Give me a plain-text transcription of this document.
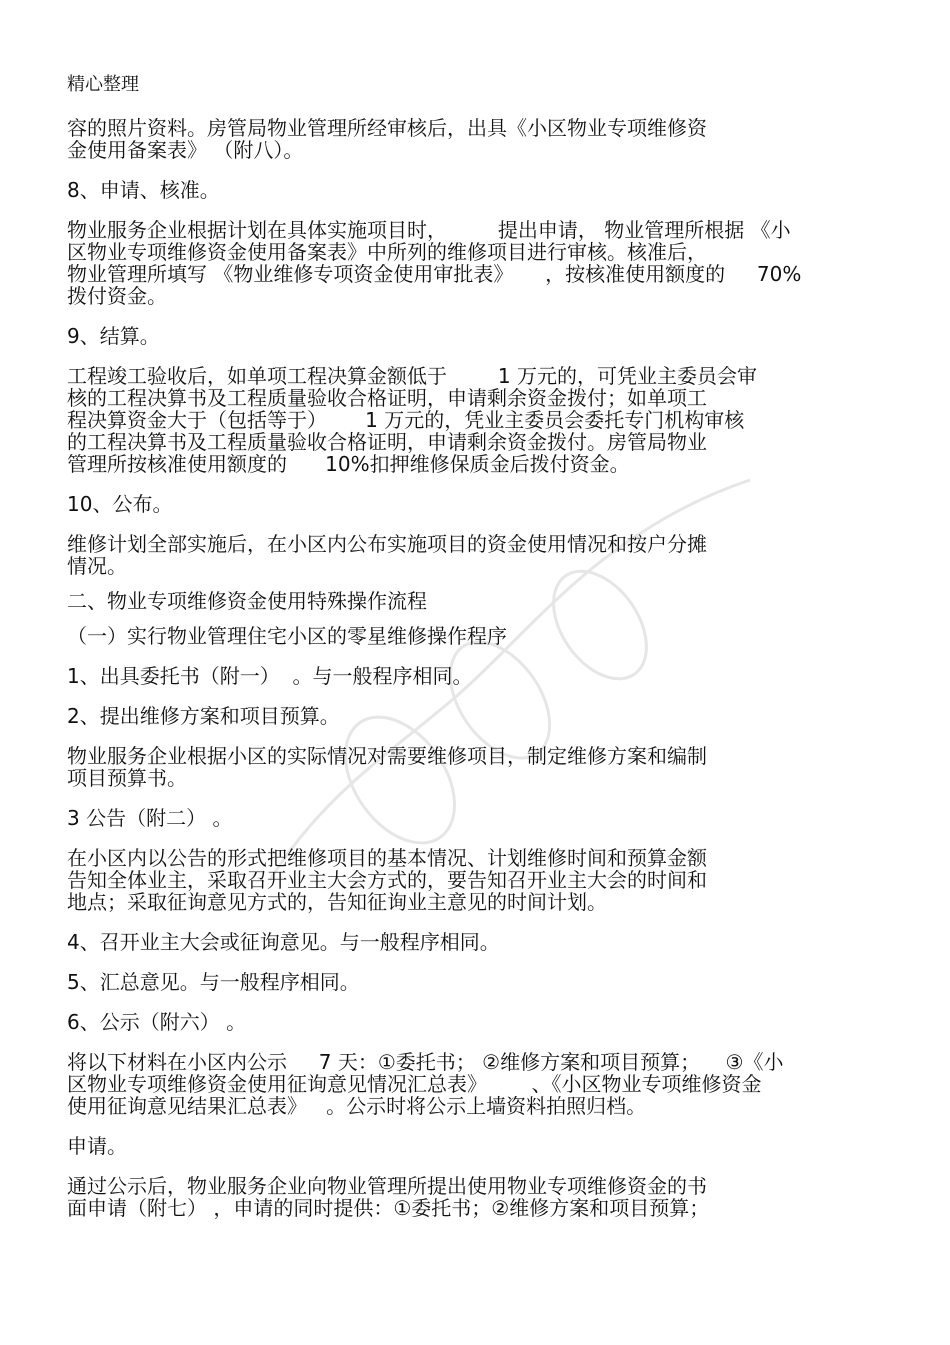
精心整理

容的照片资料。房管局物业管理所经审核后，出具《小区物业专项维修资

金使用备案表》 （附八）。

8、申请、核准。

物业服务企业根据计划在具体实施项目时，        提出申请， 物业管理所根据 《小

区物业专项维修资金使用备案表》中所列的维修项目进行审核。核准后，

物业管理所填写 《物业维修专项资金使用审批表》     ，按核准使用额度的     70%

拨付资金。

9、结算。

工程竣工验收后，如单项工程决算金额低于        1 万元的，可凭业主委员会审

核的工程决算书及工程质量验收合格证明，申请剩余资金拨付；如单项工

程决算资金大于（包括等于）      1 万元的，凭业主委员会委托专门机构审核

的工程决算书及工程质量验收合格证明，申请剩余资金拨付。房管局物业

管理所按核准使用额度的      10%扣押维修保质金后拨付资金。

10、公布。

维修计划全部实施后，在小区内公布实施项目的资金使用情况和按户分摊

情况。

二、物业专项维修资金使用特殊操作流程

（一）实行物业管理住宅小区的零星维修操作程序

1、出具委托书（附一）  。与一般程序相同。

2、提出维修方案和项目预算。

物业服务企业根据小区的实际情况对需要维修项目，制定维修方案和编制

项目预算书。

3 公告（附二） 。

在小区内以公告的形式把维修项目的基本情况、计划维修时间和预算金额

告知全体业主，采取召开业主大会方式的，要告知召开业主大会的时间和

地点；采取征询意见方式的，告知征询业主意见的时间计划。

4、召开业主大会或征询意见。与一般程序相同。

5、汇总意见。与一般程序相同。

6、公示（附六） 。

将以下材料在小区内公示     7 天：①委托书； ②维修方案和项目预算；    ③《小

区物业专项维修资金使用征询意见情况汇总表》       、《小区物业专项维修资金

使用征询意见结果汇总表》   。公示时将公示上墙资料拍照归档。

申请。

通过公示后，物业服务企业向物业管理所提出使用物业专项维修资金的书

面申请（附七） ，申请的同时提供：①委托书；②维修方案和项目预算；
